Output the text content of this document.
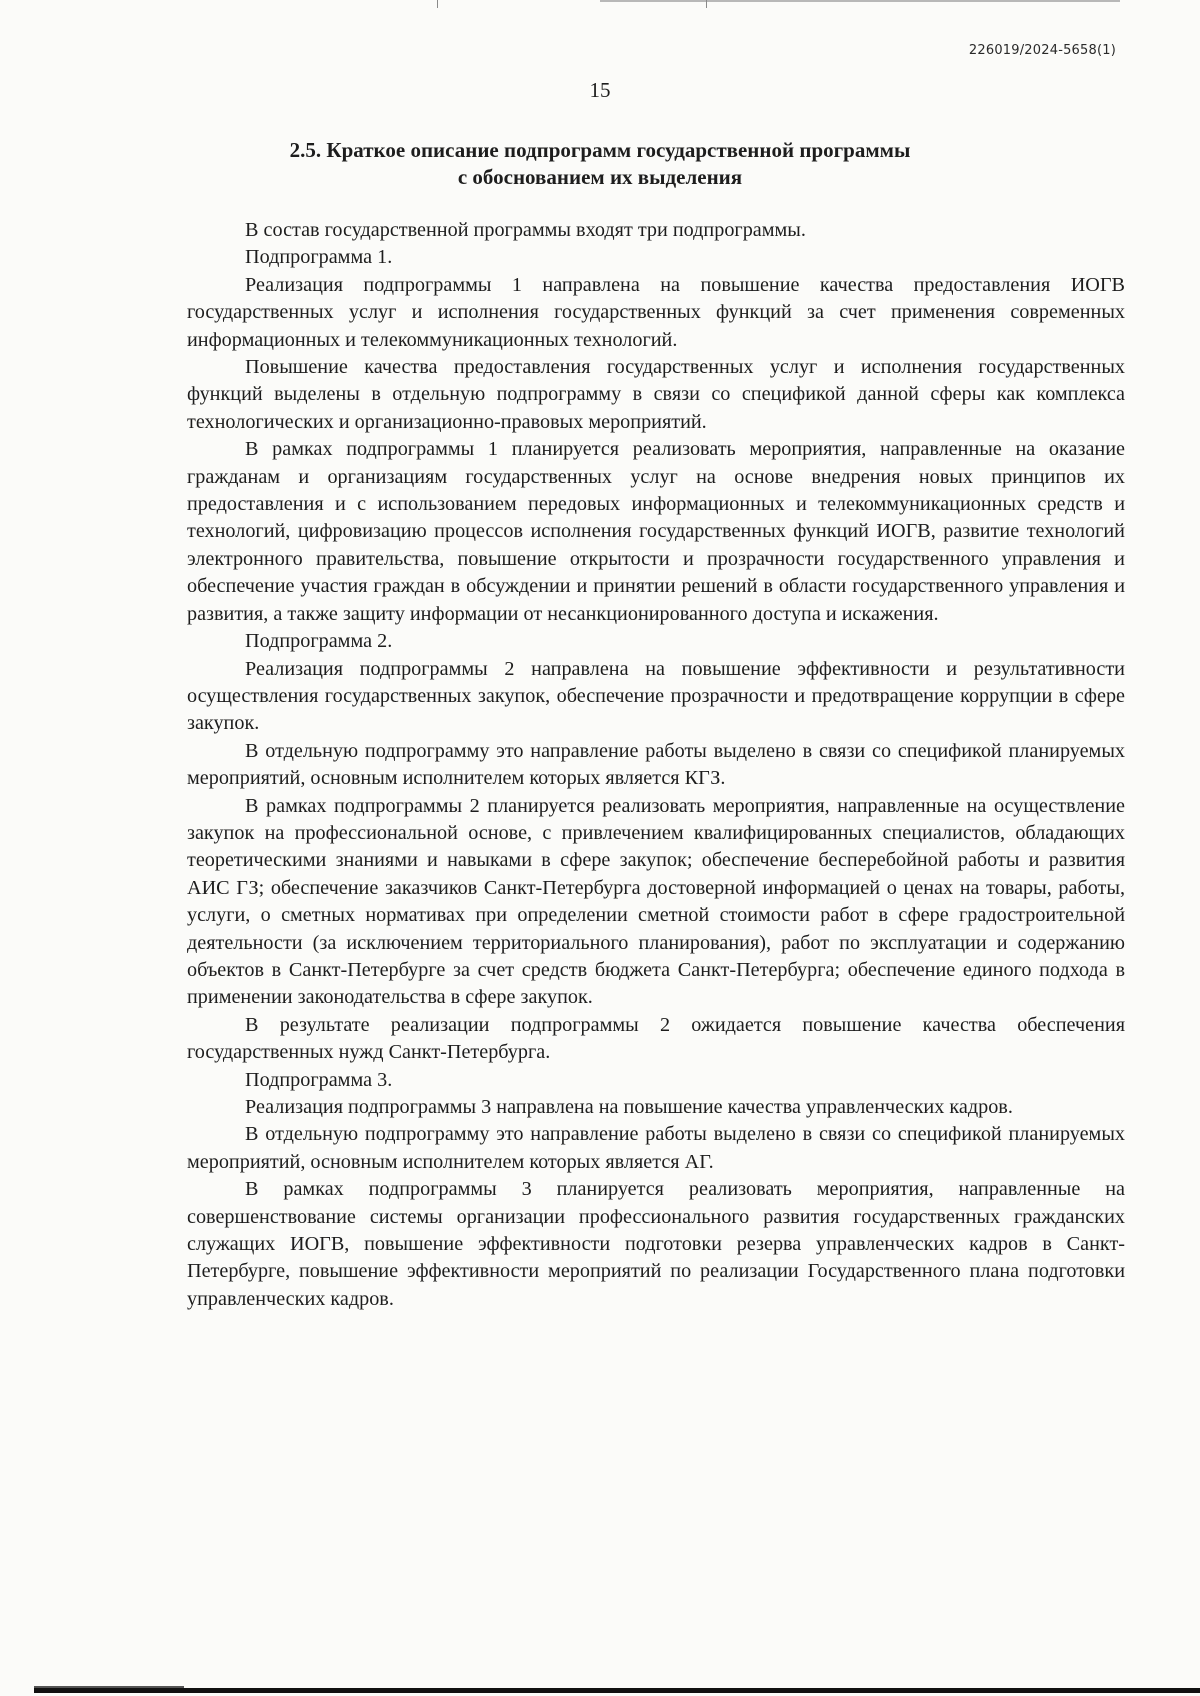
226019/2024-5658(1)
15
2.5. Краткое описание подпрограмм государственной программы
с обоснованием их выделения

В состав государственной программы входят три подпрограммы.

Подпрограмма 1.

Реализация подпрограммы 1 направлена на повышение качества предоставления ИОГВ государственных услуг и исполнения государственных функций за счет применения современных информационных и телекоммуникационных технологий.

Повышение качества предоставления государственных услуг и исполнения государственных функций выделены в отдельную подпрограмму в связи со спецификой данной сферы как комплекса технологических и организационно-правовых мероприятий.

В рамках подпрограммы 1 планируется реализовать мероприятия, направленные на оказание гражданам и организациям государственных услуг на основе внедрения новых принципов их предоставления и с использованием передовых информационных и телекоммуникационных средств и технологий, цифровизацию процессов исполнения государственных функций ИОГВ, развитие технологий электронного правительства, повышение открытости и прозрачности государственного управления и обеспечение участия граждан в обсуждении и принятии решений в области государственного управления и развития, а также защиту информации от несанкционированного доступа и искажения.

Подпрограмма 2.

Реализация подпрограммы 2 направлена на повышение эффективности и результативности осуществления государственных закупок, обеспечение прозрачности и предотвращение коррупции в сфере закупок.

В отдельную подпрограмму это направление работы выделено в связи со спецификой планируемых мероприятий, основным исполнителем которых является КГЗ.

В рамках подпрограммы 2 планируется реализовать мероприятия, направленные на осуществление закупок на профессиональной основе, с привлечением квалифицированных специалистов, обладающих теоретическими знаниями и навыками в сфере закупок; обеспечение бесперебойной работы и развития АИС ГЗ; обеспечение заказчиков Санкт-Петербурга достоверной информацией о ценах на товары, работы, услуги, о сметных нормативах при определении сметной стоимости работ в сфере градостроительной деятельности (за исключением территориального планирования), работ по эксплуатации и содержанию объектов в Санкт-Петербурге за счет средств бюджета Санкт-Петербурга; обеспечение единого подхода в применении законодательства в сфере закупок.

В результате реализации подпрограммы 2 ожидается повышение качества обеспечения государственных нужд Санкт-Петербурга.

Подпрограмма 3.

Реализация подпрограммы 3 направлена на повышение качества управленческих кадров.

В отдельную подпрограмму это направление работы выделено в связи со спецификой планируемых мероприятий, основным исполнителем которых является АГ.

В рамках подпрограммы 3 планируется реализовать мероприятия, направленные на совершенствование системы организации профессионального развития государственных гражданских служащих ИОГВ, повышение эффективности подготовки резерва управленческих кадров в Санкт-Петербурге, повышение эффективности мероприятий по реализации Государственного плана подготовки управленческих кадров.
